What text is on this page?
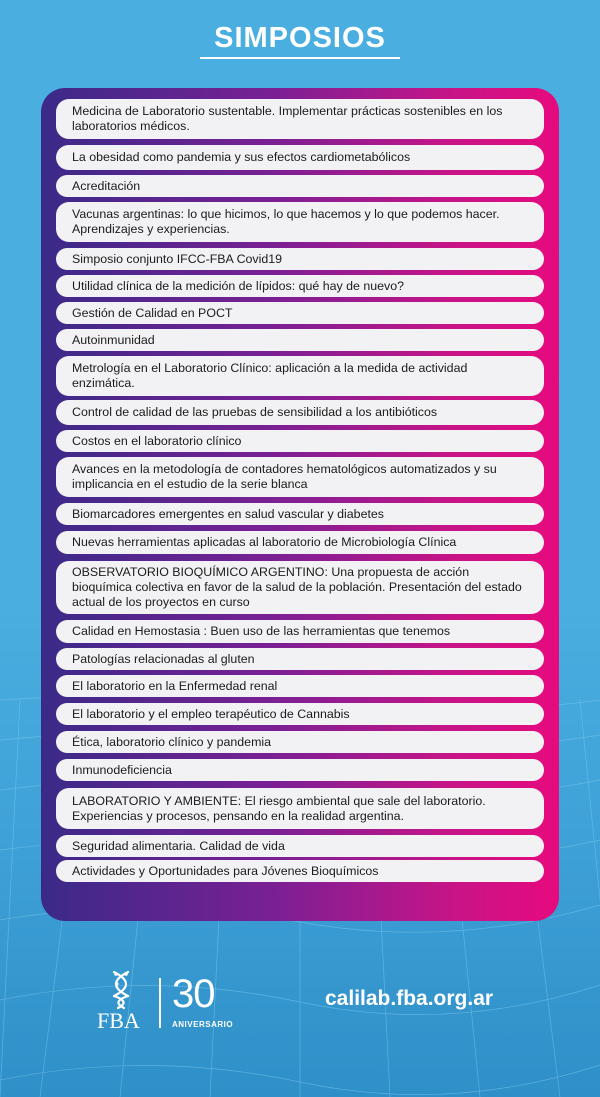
SIMPOSIOS
Medicina de Laboratorio sustentable. Implementar prácticas sostenibles en los laboratorios médicos.
La obesidad como pandemia y sus efectos cardiometabólicos
Acreditación
Vacunas argentinas: lo que hicimos, lo que hacemos y lo que podemos hacer. Aprendizajes y experiencias.
Simposio conjunto IFCC-FBA Covid19
Utilidad clínica de la medición de lípidos: qué hay de nuevo?
Gestión de Calidad en POCT
Autoinmunidad
Metrología en el Laboratorio Clínico: aplicación a la medida de actividad enzimática.
Control de calidad de las pruebas de sensibilidad a los antibióticos
Costos en el laboratorio clínico
Avances en la metodología de contadores hematológicos automatizados y su implicancia en el estudio de la serie blanca
Biomarcadores emergentes en salud vascular y diabetes
Nuevas herramientas aplicadas al laboratorio de Microbiología Clínica
OBSERVATORIO BIOQUÍMICO ARGENTINO: Una propuesta de acción bioquímica colectiva en favor de la salud de la población. Presentación del estado actual de los proyectos en curso
Calidad en Hemostasia : Buen uso de las herramientas que tenemos
Patologías relacionadas al gluten
El laboratorio en la Enfermedad renal
El laboratorio y el empleo terapéutico de Cannabis
Ética, laboratorio clínico y pandemia
Inmunodeficiencia
LABORATORIO Y AMBIENTE: El riesgo ambiental que sale del laboratorio. Experiencias y procesos, pensando en la realidad argentina.
Seguridad alimentaria. Calidad de vida
Actividades y Oportunidades para Jóvenes Bioquímicos
FBA
30
ANIVERSARIO
calilab.fba.org.ar
